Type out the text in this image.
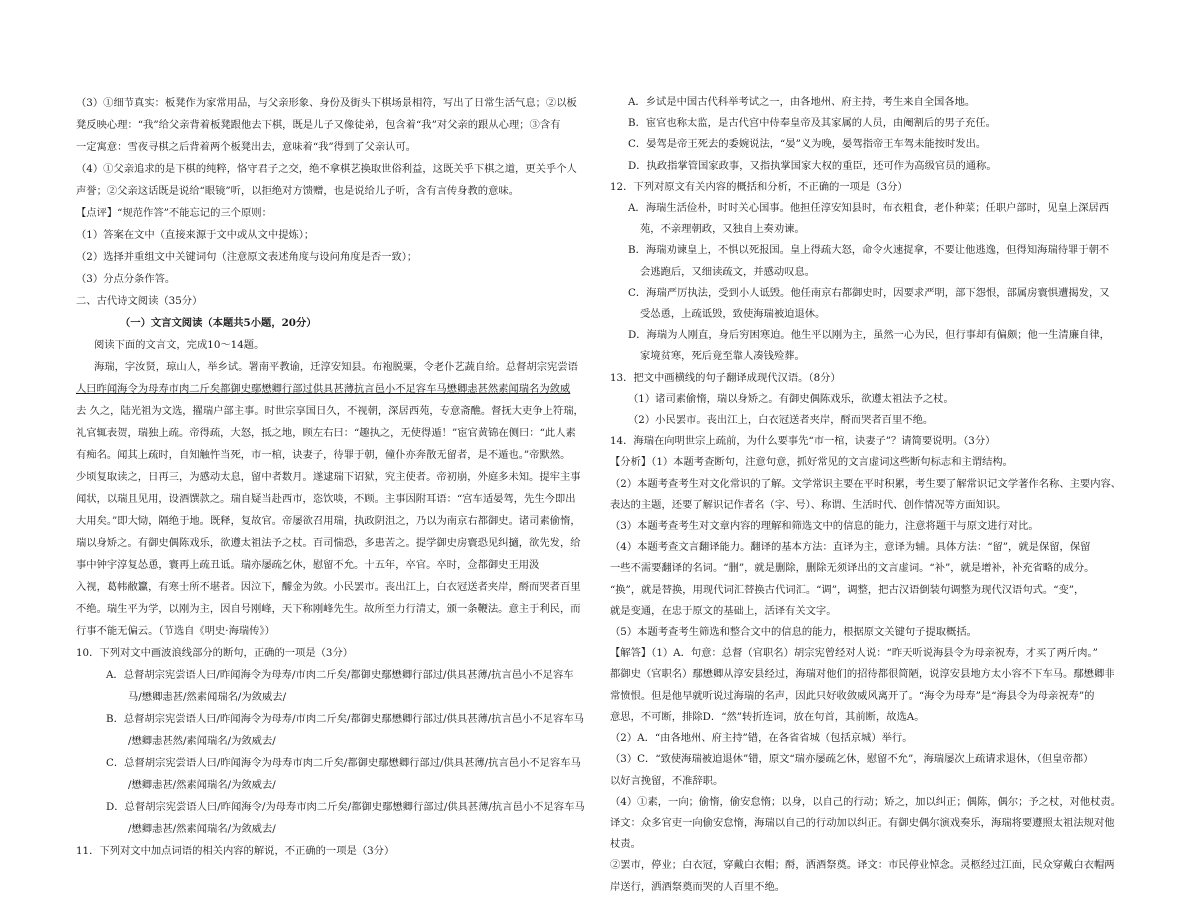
（3）①细节真实：板凳作为家常用品，与父亲形象、身份及街头下棋场景相符，写出了日常生活气息；②以板

凳反映心理：“我”给父亲背着板凳跟他去下棋，既是儿子又像徒弟，包含着“我”对父亲的跟从心理；③含有

一定寓意：雪夜寻棋之后背着两个板凳出去，意味着“我”得到了父亲认可。

（4）①父亲追求的是下棋的纯粹，恪守君子之交，绝不拿棋艺换取世俗利益，这既关乎下棋之道，更关乎个人

声誉；②父亲这话既是说给“眼镜”听，以拒绝对方馈赠，也是说给儿子听，含有言传身教的意味。

【点评】“规范作答”不能忘记的三个原则：

（1）答案在文中（直接来源于文中或从文中提炼）；

（2）选择并重组文中关键词句（注意原文表述角度与设问角度是否一致）；

（3）分点分条作答。

二、古代诗文阅读（35分）

（一）文言文阅读（本题共5小题，20分）

阅读下面的文言文，完成10～14题。

海瑞，字汝贤，琼山人，举乡试。署南平教谕，迁淳安知县。布袍脱粟，令老仆艺蔬自给。总督胡宗宪尝语

人曰昨闻海令为母寿市肉二斤矣都御史鄢懋卿行部过供具甚薄抗言邑小不足容车马懋卿恚甚然素闻瑞名为敛威

去 久之，陆光祖为文选，擢瑞户部主事。时世宗享国日久，不视朝，深居西苑，专意斋醮。督抚大吏争上符瑞，

礼官辄表贺，瑞独上疏。帝得疏，大怒，抵之地，顾左右曰：“趣执之，无使得遁！”宦官黄锦在侧曰：“此人素

有痴名。闻其上疏时，自知触忤当死，市一棺，诀妻子，待罪于朝，僮仆亦奔散无留者，是不遁也。”帝默然。

少顷复取读之，日再三，为感动太息，留中者数月。遂逮瑞下诏狱，究主使者。帝初崩，外庭多未知。提牢主事

闻状，以瑞且见用，设酒馔款之。瑞自疑当赴西市，恣饮啖，不顾。主事因附耳语：“宫车适晏驾，先生今即出

大用矣。”即大恸，隔绝于地。既释，复故官。帝屡欲召用瑞，执政阴沮之，乃以为南京右都御史。诸司素偷惰，

瑞以身矫之。有御史偶陈戏乐，欲遵太祖法予之杖。百司惴恐，多患苦之。提学御史房寰恐见纠擿，欲先发，给

事中钟宇淳复怂恿，寰再上疏丑诋。瑞亦屡疏乞休，慰留不允。十五年，卒官。卒时，佥都御史王用汲

入视，葛帏敝籝，有寒士所不堪者。因泣下，醵金为敛。小民罢市。丧出江上，白衣冠送者夹岸，酹而哭者百里

不绝。瑞生平为学，以刚为主，因自号刚峰，天下称刚峰先生。故所至力行清丈，颁一条鞭法。意主于利民，而

行事不能无偏云。（节选自《明史·海瑞传》）

10．下列对文中画波浪线部分的断句，正确的一项是（3分）

A．总督胡宗宪尝语人曰/昨闻海令为母寿/市肉二斤矣/都御史鄢懋卿行部过/供具甚薄/抗言邑小不足容车

马/懋卿恚甚/然素闻瑞名/为敛威去/

B．总督胡宗宪尝语人曰/昨闻海令为母寿/市肉二斤矣/都御史鄢懋卿行部过/供具甚薄/抗言邑小不足容车马

/懋卿恚甚然/素闻瑞名/为敛威去/

C．总督胡宗宪尝语人曰/昨闻海令为母寿市肉二斤矣/都御史鄢懋卿行部过/供具甚薄/抗言邑小不足容车马

/懋卿恚甚/然素闻瑞名/为敛威去/

D．总督胡宗宪尝语人曰/昨闻海令/为母寿市肉二斤矣/都御史鄢懋卿行部过/供具甚薄/抗言邑小不足容车马

/懋卿恚甚/然素闻瑞名/为敛威去/

11．下列对文中加点词语的相关内容的解说，不正确的一项是（3分）

A．乡试是中国古代科举考试之一，由各地州、府主持，考生来自全国各地。

B．宦官也称太监，是古代宫中侍奉皇帝及其家属的人员，由阉割后的男子充任。

C．晏驾是帝王死去的委婉说法，“晏”义为晚，晏驾指帝王车驾未能按时发出。

D．执政指掌管国家政事，又指执掌国家大权的重臣，还可作为高级官员的通称。

12．下列对原文有关内容的概括和分析，不正确的一项是（3分）

A．海瑞生活俭朴，时时关心国事。他担任淳安知县时，布衣粗食，老仆种菜；任职户部时，见皇上深居西

苑，不亲理朝政，又独自上奏劝谏。

B．海瑞劝谏皇上，不惧以死报国。皇上得疏大怒，命令火速捉拿，不要让他逃逸，但得知海瑞待罪于朝不

会逃跑后，又细读疏文，并感动叹息。

C．海瑞严厉执法，受到小人诋毁。他任南京右都御史时，因要求严明，部下怨恨，部属房寰惧遭揭发，又

受怂恿，上疏诋毁，致使海瑞被迫退休。

D．海瑞为人刚直，身后穷困寒迫。他生平以刚为主，虽然一心为民，但行事却有偏颇；他一生清廉自律，

家境贫寒，死后竟至靠人凑钱殓葬。

13．把文中画横线的句子翻译成现代汉语。（8分）

（1）诸司素偷惰，瑞以身矫之。有御史偶陈戏乐，欲遵太祖法予之杖。

（2）小民罢市。丧出江上，白衣冠送者夹岸，酹而哭者百里不绝。

14．海瑞在向明世宗上疏前，为什么要事先“市一棺，诀妻子”？请简要说明。（3分）

【分析】（1）本题考查断句，注意句意，抓好常见的文言虚词这些断句标志和主谓结构。

（2）本题考查考生对文化常识的了解。文学常识主要在平时积累，考生要了解常识记文学著作名称、主要内容、

表达的主题，还要了解识记作者名（字、号）、称谓、生活时代、创作情况等方面知识。

（3）本题考查考生对文章内容的理解和筛选文中的信息的能力，注意将题干与原文进行对比。

（4）本题考查文言翻译能力。翻译的基本方法：直译为主，意译为辅。具体方法：“留”，就是保留，保留

一些不需要翻译的名词。“删”，就是删除，删除无须译出的文言虚词。“补”，就是增补，补充省略的成分。

“换”，就是替换，用现代词汇替换古代词汇。“调”，调整，把古汉语倒装句调整为现代汉语句式。“变”，

就是变通，在忠于原文的基础上，活译有关文字。

（5）本题考查考生筛选和整合文中的信息的能力，根据原文关键句子提取概括。

【解答】（1）A．句意：总督（官职名）胡宗宪曾经对人说：“昨天听说海县令为母亲祝寿，才买了两斤肉。”

都御史（官职名）鄢懋卿从淳安县经过，海瑞对他们的招待都很简陋，说淳安县地方太小容不下车马。鄢懋卿非

常愤恨。但是他早就听说过海瑞的名声，因此只好收敛威风离开了。“海令为母寿”是“海县令为母亲祝寿”的

意思，不可断，排除D．“然”转折连词，放在句首，其前断，故选A。

（2）A．“由各地州、府主持”错，在各省省城（包括京城）举行。

（3）C．“致使海瑞被迫退休”错，原文“瑞亦屡疏乞休，慰留不允”，海瑞屡次上疏请求退休，（但皇帝都）

以好言挽留，不准辞职。

（4）①素，一向；偷惰，偷安怠惰；以身，以自己的行动；矫之，加以纠正；偶陈，偶尔；予之杖，对他杖责。

译文：众多官吏一向偷安怠惰，海瑞以自己的行动加以纠正。有御史偶尔演戏奏乐，海瑞将要遵照太祖法规对他

杖责。

②罢市，停业；白衣冠，穿戴白衣帽；酹，洒酒祭奠。译文：市民停业悼念。灵柩经过江面，民众穿戴白衣帽两

岸送行，洒酒祭奠而哭的人百里不绝。
